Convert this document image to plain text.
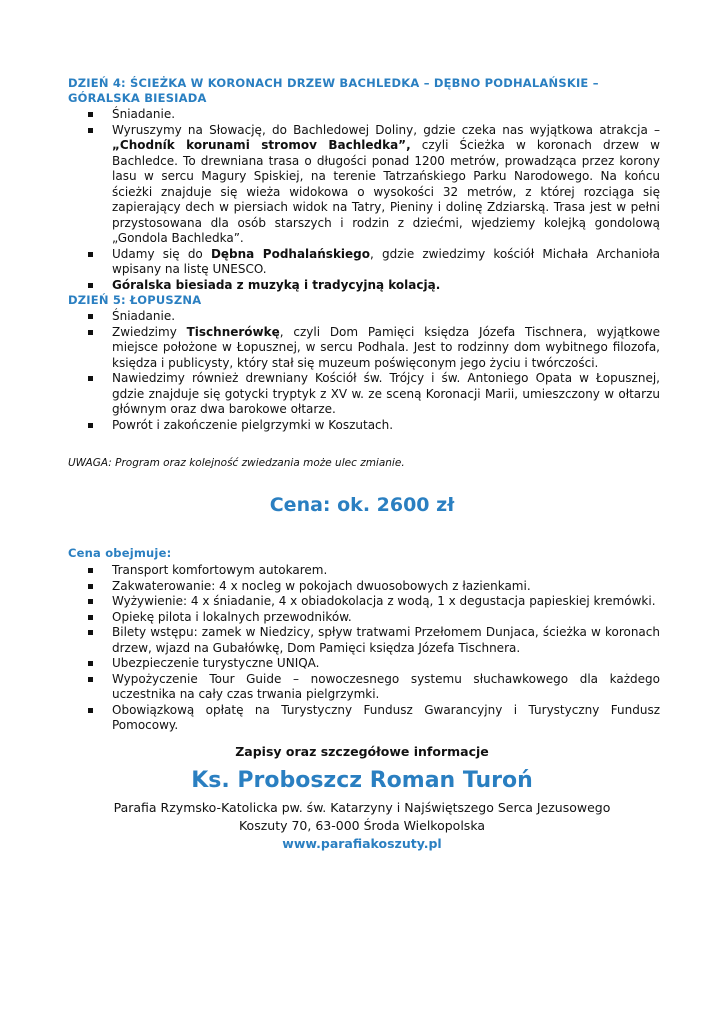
DZIEŃ 4: ŚCIEŻKA W KORONACH DRZEW BACHLEDKA – DĘBNO PODHALAŃSKIE – GÓRALSKA BIESIADA
Śniadanie.
Wyruszymy na Słowację, do Bachledowej Doliny, gdzie czeka nas wyjątkowa atrakcja – „Chodník korunami stromov Bachledka”, czyli Ścieżka w koronach drzew w Bachledce. To drewniana trasa o długości ponad 1200 metrów, prowadząca przez korony lasu w sercu Magury Spiskiej, na terenie Tatrzańskiego Parku Narodowego. Na końcu ścieżki znajduje się wieża widokowa o wysokości 32 metrów, z której rozciąga się zapierający dech w piersiach widok na Tatry, Pieniny i dolinę Zdziarską. Trasa jest w pełni przystosowana dla osób starszych i rodzin z dziećmi, wjedziemy kolejką gondolową „Gondola Bachledka”.
Udamy się do Dębna Podhalańskiego, gdzie zwiedzimy kościół Michała Archanioła wpisany na listę UNESCO.
Góralska biesiada z muzyką i tradycyjną kolacją.
DZIEŃ 5: ŁOPUSZNA
Śniadanie.
Zwiedzimy Tischnerówkę, czyli Dom Pamięci księdza Józefa Tischnera, wyjątkowe miejsce położone w Łopusznej, w sercu Podhala. Jest to rodzinny dom wybitnego filozofa, księdza i publicysty, który stał się muzeum poświęconym jego życiu i twórczości.
Nawiedzimy również drewniany Kościół św. Trójcy i św. Antoniego Opata w Łopusznej, gdzie znajduje się gotycki tryptyk z XV w. ze sceną Koronacji Marii, umieszczony w ołtarzu głównym oraz dwa barokowe ołtarze.
Powrót i zakończenie pielgrzymki w Koszutach.
UWAGA: Program oraz kolejność zwiedzania może ulec zmianie.
Cena: ok. 2600 zł
Cena obejmuje:
Transport komfortowym autokarem.
Zakwaterowanie: 4 x nocleg w pokojach dwuosobowych z łazienkami.
Wyżywienie: 4 x śniadanie, 4 x obiadokolacja z wodą, 1 x degustacja papieskiej kremówki.
Opiekę pilota i lokalnych przewodników.
Bilety wstępu: zamek w Niedzicy, spływ tratwami Przełomem Dunjaca, ścieżka w koronach drzew, wjazd na Gubałówkę, Dom Pamięci księdza Józefa Tischnera.
Ubezpieczenie turystyczne UNIQA.
Wypożyczenie Tour Guide – nowoczesnego systemu słuchawkowego dla każdego uczestnika na cały czas trwania pielgrzymki.
Obowiązkową opłatę na Turystyczny Fundusz Gwarancyjny i Turystyczny Fundusz Pomocowy.
Zapisy oraz szczegółowe informacje
Ks. Proboszcz Roman Turoń
Parafia Rzymsko-Katolicka pw. św. Katarzyny i Najświętszego Serca Jezusowego
Koszuty 70, 63-000 Środa Wielkopolska
www.parafiakoszuty.pl
